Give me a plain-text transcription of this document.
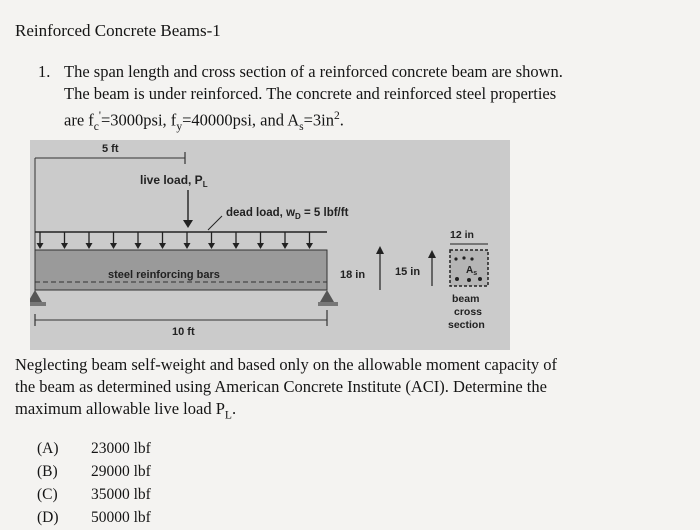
Reinforced Concrete Beams-1
1. The span length and cross section of a reinforced concrete beam are shown.
The beam is under reinforced. The concrete and reinforced steel properties
are $f_c'=3000psi$, $f_y=40000psi$, and $A_s=3in^2$.
5 ft
live load, $P_L$
dead load, $w_D = 5$ lbf/ft
steel reinforcing bars
10 ft
18 in	15 in
12 in
$A_s$
beam
cross
section
Neglecting beam self-weight and based only on the allowable moment capacity of
the beam as determined using American Concrete Institute (ACI). Determine the
maximum allowable live load $P_L$.
(A)	23000 lbf
(B)	29000 lbf
(C)	35000 lbf
(D)	50000 lbf
